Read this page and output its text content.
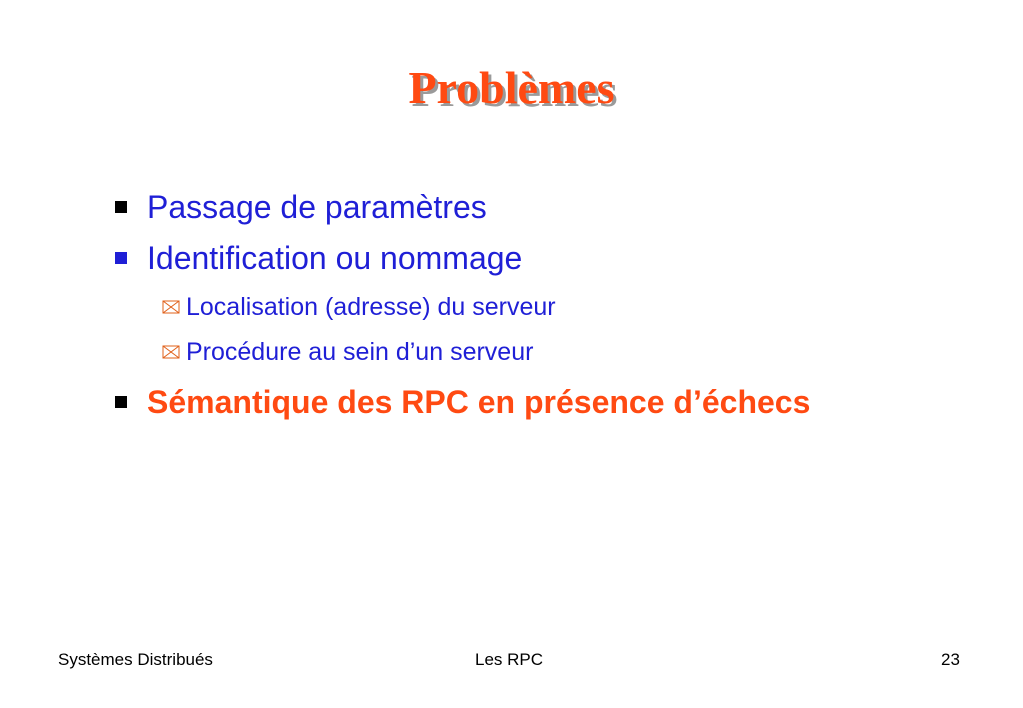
Problèmes
Passage de paramètres
Identification ou nommage
Localisation (adresse) du serveur
Procédure au sein d’un serveur
Sémantique des RPC en présence d’échecs
Systèmes Distribués	Les RPC	23
